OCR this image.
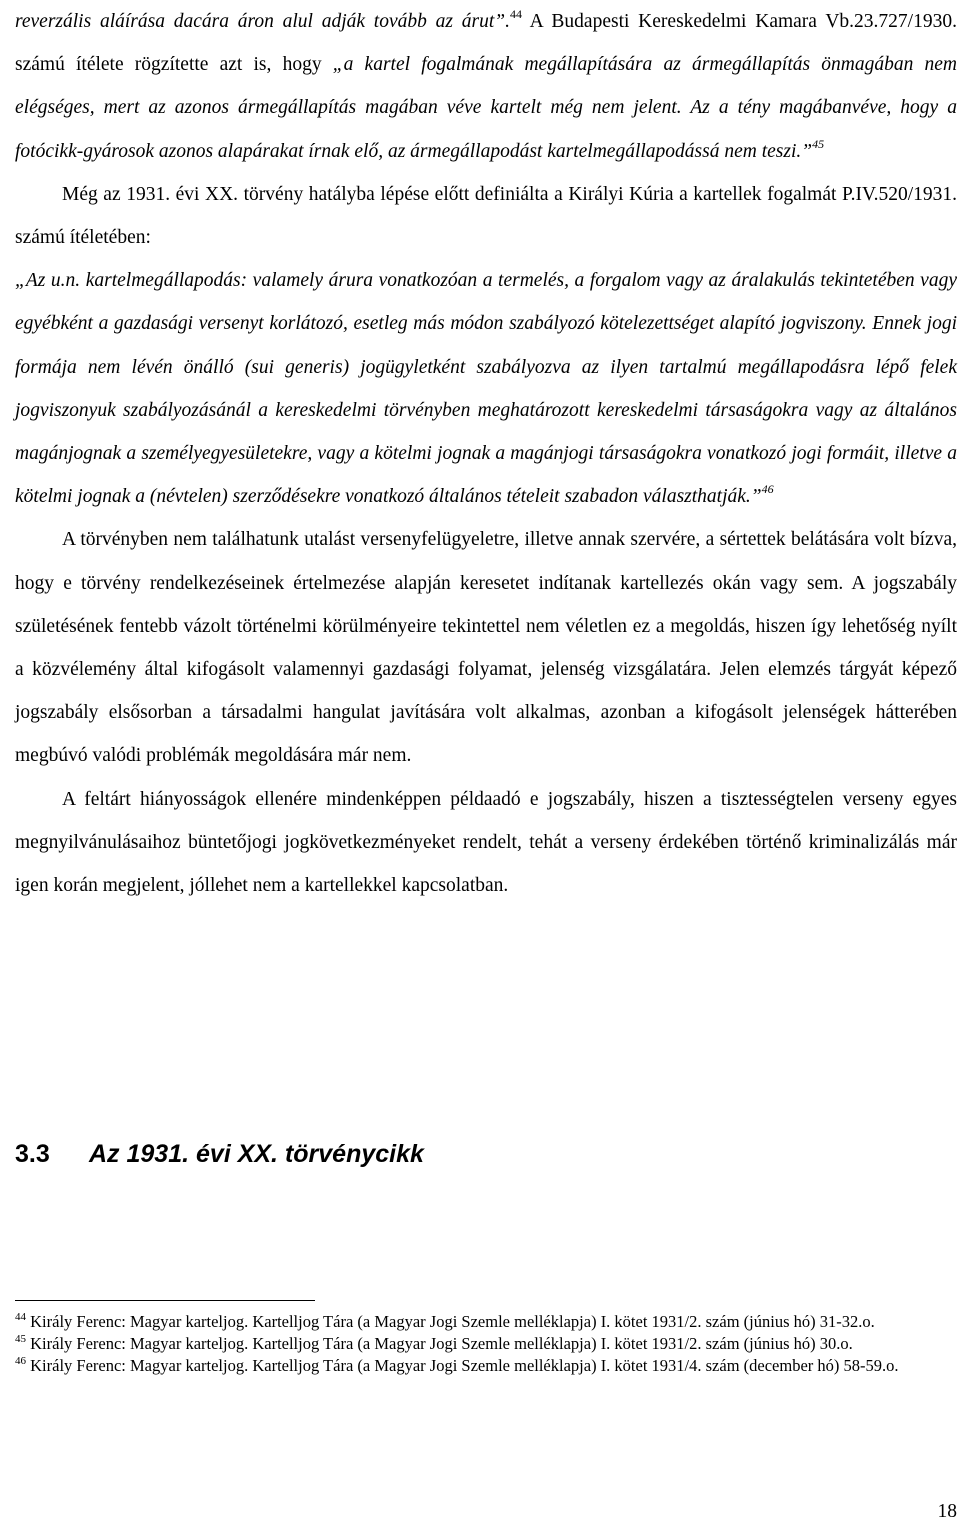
reverzális aláírása dacára áron alul adják tovább az árut”.$^{44}$ A Budapesti Kereskedelmi Kamara Vb.23.727/1930. számú ítélete rögzítette azt is, hogy „a kartel fogalmának megállapítására az ármegállapítás önmagában nem elégséges, mert az azonos ármegállapítás magában véve kartelt még nem jelent. Az a tény magábanvéve, hogy a fotócikk-gyárosok azonos alapárakat írnak elő, az ármegállapodást kartelmegállapodássá nem teszi.”$^{45}$

Még az 1931. évi XX. törvény hatályba lépése előtt definiálta a Királyi Kúria a kartellek fogalmát P.IV.520/1931. számú ítéletében:

„Az u.n. kartelmegállapodás: valamely árura vonatkozóan a termelés, a forgalom vagy az áralakulás tekintetében vagy egyébként a gazdasági versenyt korlátozó, esetleg más módon szabályozó kötelezettséget alapító jogviszony. Ennek jogi formája nem lévén önálló (sui generis) jogügyletként szabályozva az ilyen tartalmú megállapodásra lépő felek jogviszonyuk szabályozásánál a kereskedelmi törvényben meghatározott kereskedelmi társaságokra vagy az általános magánjognak a személyegyesületekre, vagy a kötelmi jognak a magánjogi társaságokra vonatkozó jogi formáit, illetve a kötelmi jognak a (névtelen) szerződésekre vonatkozó általános tételeit szabadon választhatják.”$^{46}$

A törvényben nem találhatunk utalást versenyfelügyeletre, illetve annak szervére, a sértettek belátására volt bízva, hogy e törvény rendelkezéseinek értelmezése alapján keresetet indítanak kartellezés okán vagy sem. A jogszabály születésének fentebb vázolt történelmi körülményeire tekintettel nem véletlen ez a megoldás, hiszen így lehetőség nyílt a közvélemény által kifogásolt valamennyi gazdasági folyamat, jelenség vizsgálatára. Jelen elemzés tárgyát képező jogszabály elsősorban a társadalmi hangulat javítására volt alkalmas, azonban a kifogásolt jelenségek hátterében megbúvó valódi problémák megoldására már nem.

A feltárt hiányosságok ellenére mindenképpen példaadó e jogszabály, hiszen a tisztességtelen verseny egyes megnyilvánulásaihoz büntetőjogi jogkövetkezményeket rendelt, tehát a verseny érdekében történő kriminalizálás már igen korán megjelent, jóllehet nem a kartellekkel kapcsolatban.

3.3 Az 1931. évi XX. törvénycikk

$^{44}$ Király Ferenc: Magyar karteljog. Kartelljog Tára (a Magyar Jogi Szemle melléklapja) I. kötet 1931/2. szám (június hó) 31-32.o.

$^{45}$ Király Ferenc: Magyar karteljog. Kartelljog Tára (a Magyar Jogi Szemle melléklapja) I. kötet 1931/2. szám (június hó) 30.o.

$^{46}$ Király Ferenc: Magyar karteljog. Kartelljog Tára (a Magyar Jogi Szemle melléklapja) I. kötet 1931/4. szám (december hó) 58-59.o.

18
